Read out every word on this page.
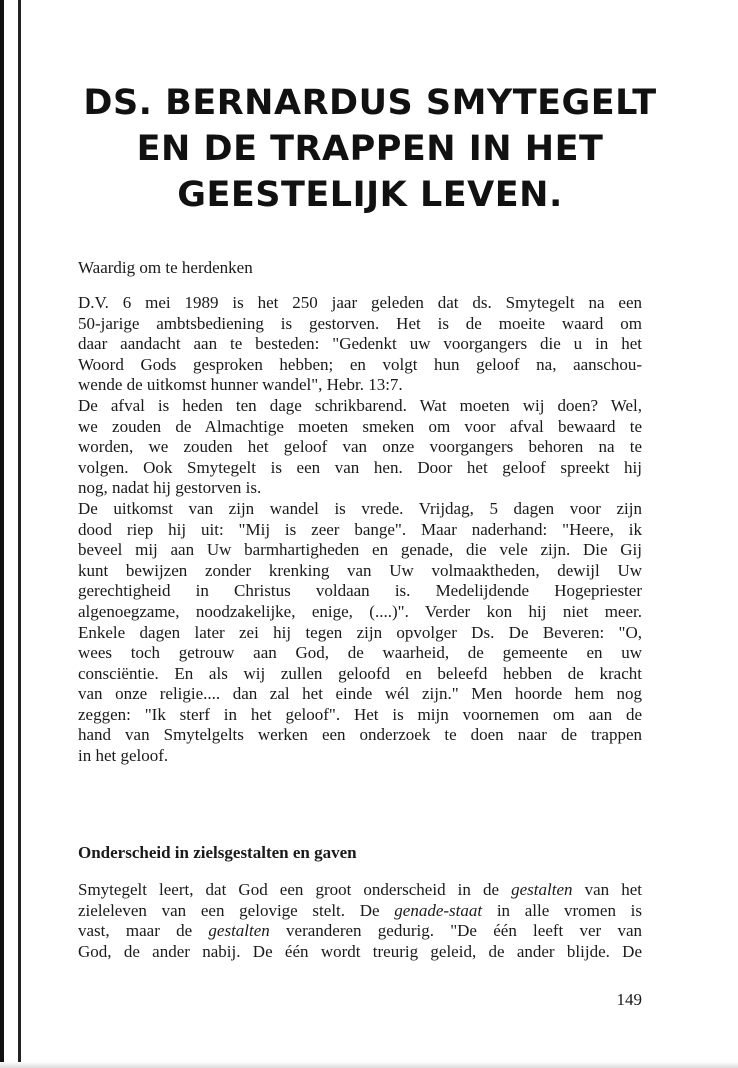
DS. BERNARDUS SMYTEGELT
EN DE TRAPPEN IN HET
GEESTELIJK LEVEN.
Waardig om te herdenken
D.V. 6 mei 1989 is het 250 jaar geleden dat ds. Smytegelt na een
50-jarige ambtsbediening is gestorven. Het is de moeite waard om
daar aandacht aan te besteden: "Gedenkt uw voorgangers die u in het
Woord Gods gesproken hebben; en volgt hun geloof na, aanschou-
wende de uitkomst hunner wandel", Hebr. 13:7.
De afval is heden ten dage schrikbarend. Wat moeten wij doen? Wel,
we zouden de Almachtige moeten smeken om voor afval bewaard te
worden, we zouden het geloof van onze voorgangers behoren na te
volgen. Ook Smytegelt is een van hen. Door het geloof spreekt hij
nog, nadat hij gestorven is.
De uitkomst van zijn wandel is vrede. Vrijdag, 5 dagen voor zijn
dood riep hij uit: "Mij is zeer bange". Maar naderhand: "Heere, ik
beveel mij aan Uw barmhartigheden en genade, die vele zijn. Die Gij
kunt bewijzen zonder krenking van Uw volmaaktheden, dewijl Uw
gerechtigheid in Christus voldaan is. Medelijdende Hogepriester
algenoegzame, noodzakelijke, enige, (....)". Verder kon hij niet meer.
Enkele dagen later zei hij tegen zijn opvolger Ds. De Beveren: "O,
wees toch getrouw aan God, de waarheid, de gemeente en uw
consciëntie. En als wij zullen geloofd en beleefd hebben de kracht
van onze religie.... dan zal het einde wél zijn." Men hoorde hem nog
zeggen: "Ik sterf in het geloof". Het is mijn voornemen om aan de
hand van Smytelgelts werken een onderzoek te doen naar de trappen
in het geloof.
Onderscheid in zielsgestalten en gaven
Smytegelt leert, dat God een groot onderscheid in de gestalten van het
zieleleven van een gelovige stelt. De genade-staat in alle vromen is
vast, maar de gestalten veranderen gedurig. "De één leeft ver van
God, de ander nabij. De één wordt treurig geleid, de ander blijde. De
149
